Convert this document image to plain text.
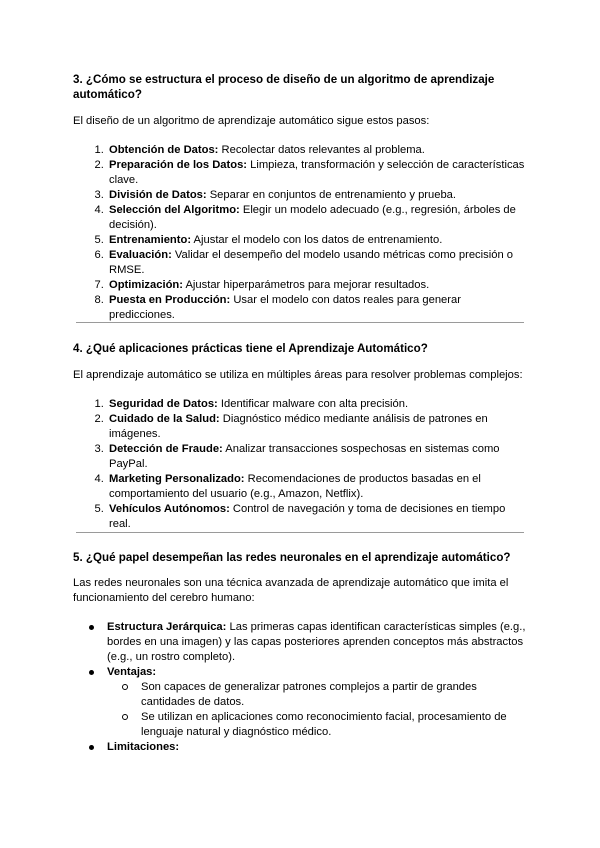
3. ¿Cómo se estructura el proceso de diseño de un algoritmo de aprendizaje automático?

El diseño de un algoritmo de aprendizaje automático sigue estos pasos:

1. Obtención de Datos: Recolectar datos relevantes al problema.
2. Preparación de los Datos: Limpieza, transformación y selección de características clave.
3. División de Datos: Separar en conjuntos de entrenamiento y prueba.
4. Selección del Algoritmo: Elegir un modelo adecuado (e.g., regresión, árboles de decisión).
5. Entrenamiento: Ajustar el modelo con los datos de entrenamiento.
6. Evaluación: Validar el desempeño del modelo usando métricas como precisión o RMSE.
7. Optimización: Ajustar hiperparámetros para mejorar resultados.
8. Puesta en Producción: Usar el modelo con datos reales para generar predicciones.
4. ¿Qué aplicaciones prácticas tiene el Aprendizaje Automático?

El aprendizaje automático se utiliza en múltiples áreas para resolver problemas complejos:

1. Seguridad de Datos: Identificar malware con alta precisión.
2. Cuidado de la Salud: Diagnóstico médico mediante análisis de patrones en imágenes.
3. Detección de Fraude: Analizar transacciones sospechosas en sistemas como PayPal.
4. Marketing Personalizado: Recomendaciones de productos basadas en el comportamiento del usuario (e.g., Amazon, Netflix).
5. Vehículos Autónomos: Control de navegación y toma de decisiones en tiempo real.
5. ¿Qué papel desempeñan las redes neuronales en el aprendizaje automático?

Las redes neuronales son una técnica avanzada de aprendizaje automático que imita el funcionamiento del cerebro humano:

Estructura Jerárquica: Las primeras capas identifican características simples (e.g., bordes en una imagen) y las capas posteriores aprenden conceptos más abstractos (e.g., un rostro completo).
Ventajas:
Son capaces de generalizar patrones complejos a partir de grandes cantidades de datos.
Se utilizan en aplicaciones como reconocimiento facial, procesamiento de lenguaje natural y diagnóstico médico.
Limitaciones:
